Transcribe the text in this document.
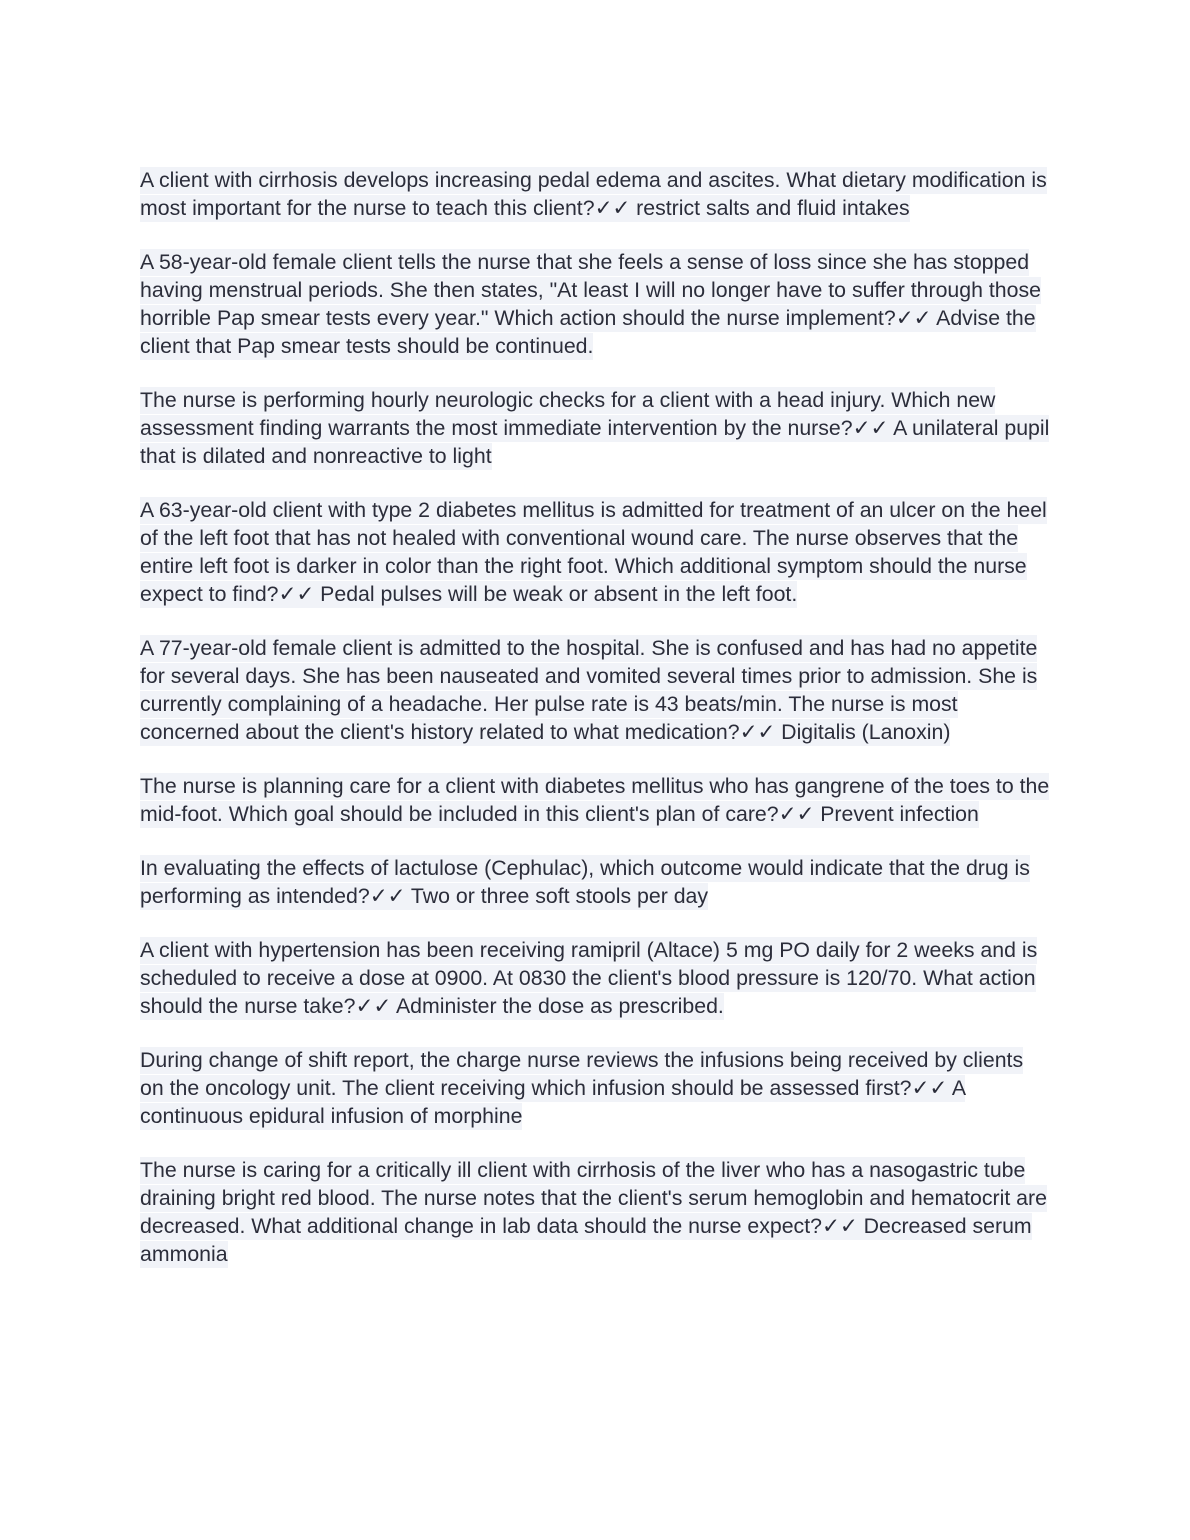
A client with cirrhosis develops increasing pedal edema and ascites. What dietary modification is most important for the nurse to teach this client?✓✓ restrict salts and fluid intakes

A 58-year-old female client tells the nurse that she feels a sense of loss since she has stopped having menstrual periods. She then states, "At least I will no longer have to suffer through those horrible Pap smear tests every year." Which action should the nurse implement?✓✓ Advise the client that Pap smear tests should be continued.

The nurse is performing hourly neurologic checks for a client with a head injury. Which new assessment finding warrants the most immediate intervention by the nurse?✓✓ A unilateral pupil that is dilated and nonreactive to light

A 63-year-old client with type 2 diabetes mellitus is admitted for treatment of an ulcer on the heel of the left foot that has not healed with conventional wound care. The nurse observes that the entire left foot is darker in color than the right foot. Which additional symptom should the nurse expect to find?✓✓ Pedal pulses will be weak or absent in the left foot.

A 77-year-old female client is admitted to the hospital. She is confused and has had no appetite for several days. She has been nauseated and vomited several times prior to admission. She is currently complaining of a headache. Her pulse rate is 43 beats/min. The nurse is most concerned about the client's history related to what medication?✓✓ Digitalis (Lanoxin)

The nurse is planning care for a client with diabetes mellitus who has gangrene of the toes to the mid-foot. Which goal should be included in this client's plan of care?✓✓ Prevent infection

In evaluating the effects of lactulose (Cephulac), which outcome would indicate that the drug is performing as intended?✓✓ Two or three soft stools per day

A client with hypertension has been receiving ramipril (Altace) 5 mg PO daily for 2 weeks and is scheduled to receive a dose at 0900. At 0830 the client's blood pressure is 120/70. What action should the nurse take?✓✓ Administer the dose as prescribed.

During change of shift report, the charge nurse reviews the infusions being received by clients on the oncology unit. The client receiving which infusion should be assessed first?✓✓ A continuous epidural infusion of morphine

The nurse is caring for a critically ill client with cirrhosis of the liver who has a nasogastric tube draining bright red blood. The nurse notes that the client's serum hemoglobin and hematocrit are decreased. What additional change in lab data should the nurse expect?✓✓ Decreased serum ammonia
